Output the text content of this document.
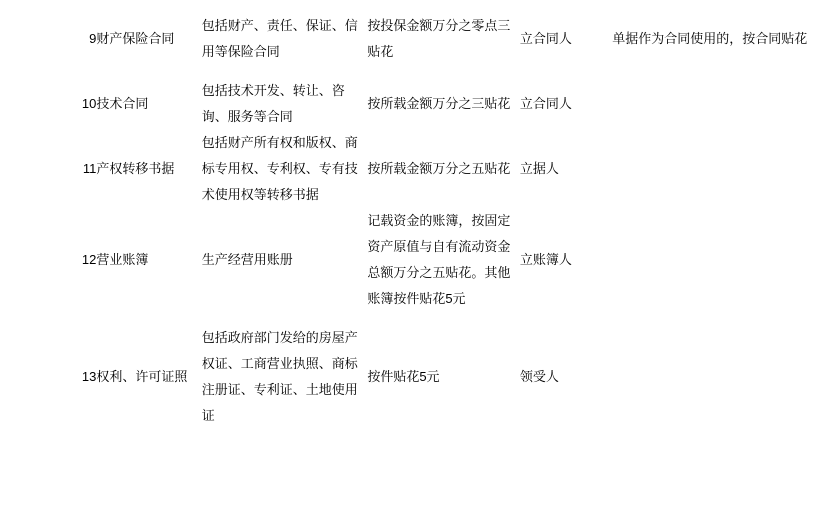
9	财产保险合同	包括财产、责任、保证、信用等保险合同	按投保金额万分之零点三贴花	立合同人	单据作为合同使用的，按合同贴花
10	技术合同	包括技术开发、转让、咨询、服务等合同	按所载金额万分之三贴花	立合同人	
11	产权转移书据	包括财产所有权和版权、商标专用权、专利权、专有技术使用权等转移书据	按所载金额万分之五贴花	立据人	
12	营业账簿	生产经营用账册	记载资金的账簿，按固定资产原值与自有流动资金总额万分之五贴花。其他账簿按件贴花5元	立账簿人	
13	权利、许可证照	包括政府部门发给的房屋产权证、工商营业执照、商标注册证、专利证、土地使用证	按件贴花5元	领受人	
